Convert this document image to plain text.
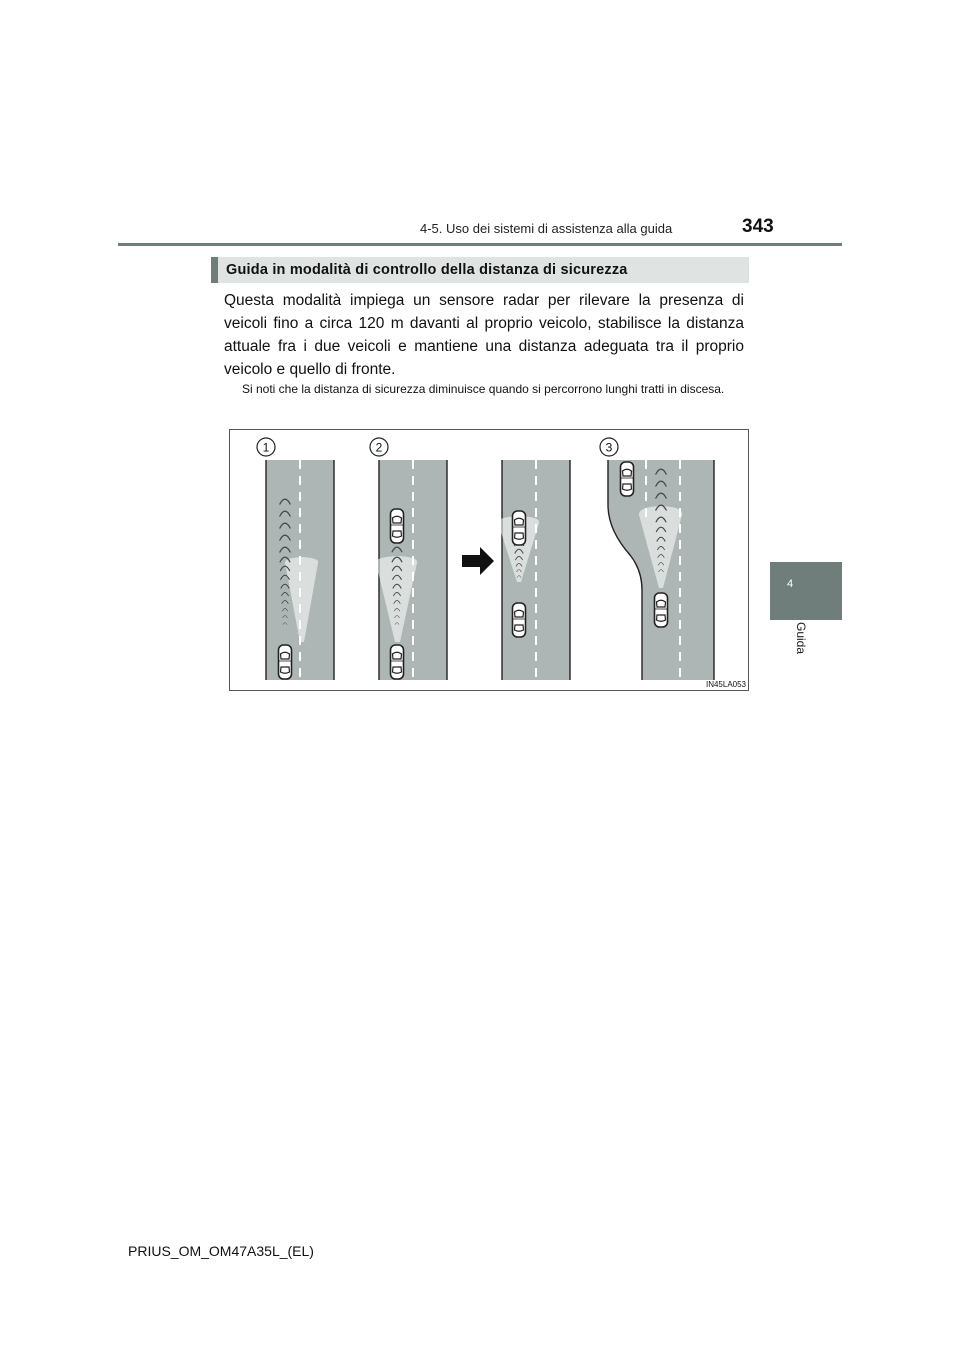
4-5. Uso dei sistemi di assistenza alla guida	343
4
Guida
Guida in modalità di controllo della distanza di sicurezza

Questa modalità impiega un sensore radar per rilevare la presenza di veicoli fino a circa 120 m davanti al proprio veicolo, stabilisce la distanza attuale fra i due veicoli e mantiene una distanza adeguata tra il proprio veicolo e quello di fronte.

Si noti che la distanza di sicurezza diminuisce quando si percorrono lunghi tratti in discesa.

1	2	3
IN45LA053
PRIUS_OM_OM47A35L_(EL)
